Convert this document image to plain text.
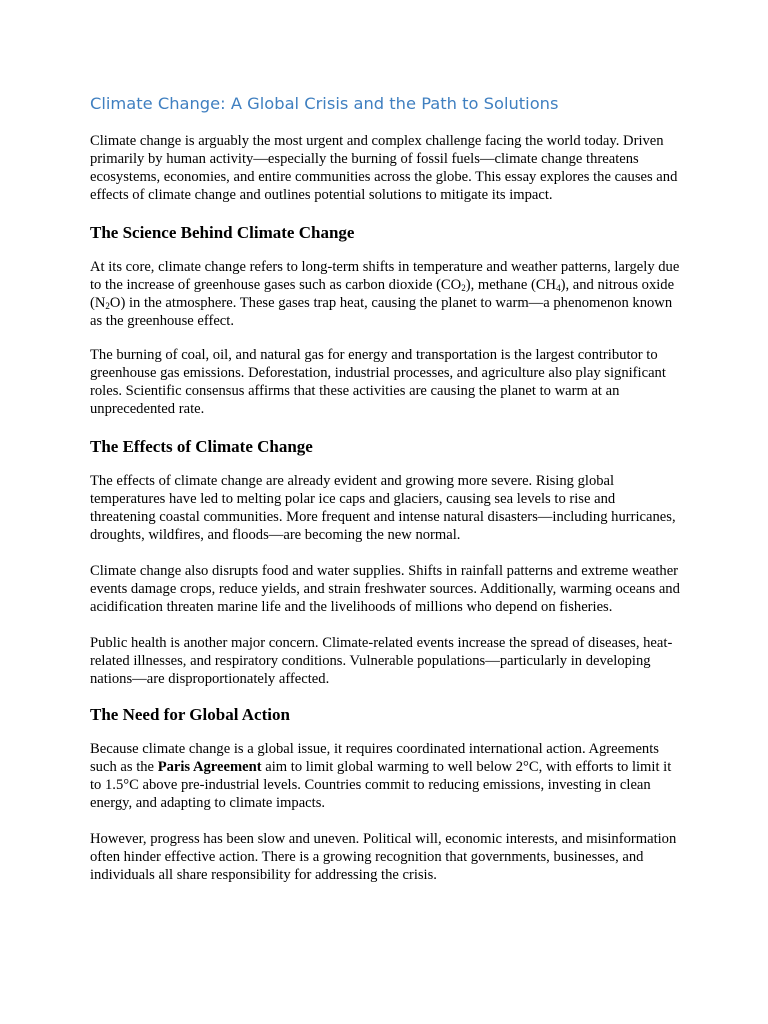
Climate Change: A Global Crisis and the Path to Solutions

Climate change is arguably the most urgent and complex challenge facing the world today. Driven primarily by human activity—especially the burning of fossil fuels—climate change threatens ecosystems, economies, and entire communities across the globe. This essay explores the causes and effects of climate change and outlines potential solutions to mitigate its impact.

The Science Behind Climate Change

At its core, climate change refers to long-term shifts in temperature and weather patterns, largely due to the increase of greenhouse gases such as carbon dioxide $(CO_2)$, methane $(CH_4)$, and nitrous oxide $(N_2O)$ in the atmosphere. These gases trap heat, causing the planet to warm—a phenomenon known as the greenhouse effect.

The burning of coal, oil, and natural gas for energy and transportation is the largest contributor to greenhouse gas emissions. Deforestation, industrial processes, and agriculture also play significant roles. Scientific consensus affirms that these activities are causing the planet to warm at an unprecedented rate.

The Effects of Climate Change

The effects of climate change are already evident and growing more severe. Rising global temperatures have led to melting polar ice caps and glaciers, causing sea levels to rise and threatening coastal communities. More frequent and intense natural disasters—including hurricanes, droughts, wildfires, and floods—are becoming the new normal.

Climate change also disrupts food and water supplies. Shifts in rainfall patterns and extreme weather events damage crops, reduce yields, and strain freshwater sources. Additionally, warming oceans and acidification threaten marine life and the livelihoods of millions who depend on fisheries.

Public health is another major concern. Climate-related events increase the spread of diseases, heat-related illnesses, and respiratory conditions. Vulnerable populations—particularly in developing nations—are disproportionately affected.

The Need for Global Action

Because climate change is a global issue, it requires coordinated international action. Agreements such as the Paris Agreement aim to limit global warming to well below 2°C, with efforts to limit it to 1.5°C above pre-industrial levels. Countries commit to reducing emissions, investing in clean energy, and adapting to climate impacts.

However, progress has been slow and uneven. Political will, economic interests, and misinformation often hinder effective action. There is a growing recognition that governments, businesses, and individuals all share responsibility for addressing the crisis.
